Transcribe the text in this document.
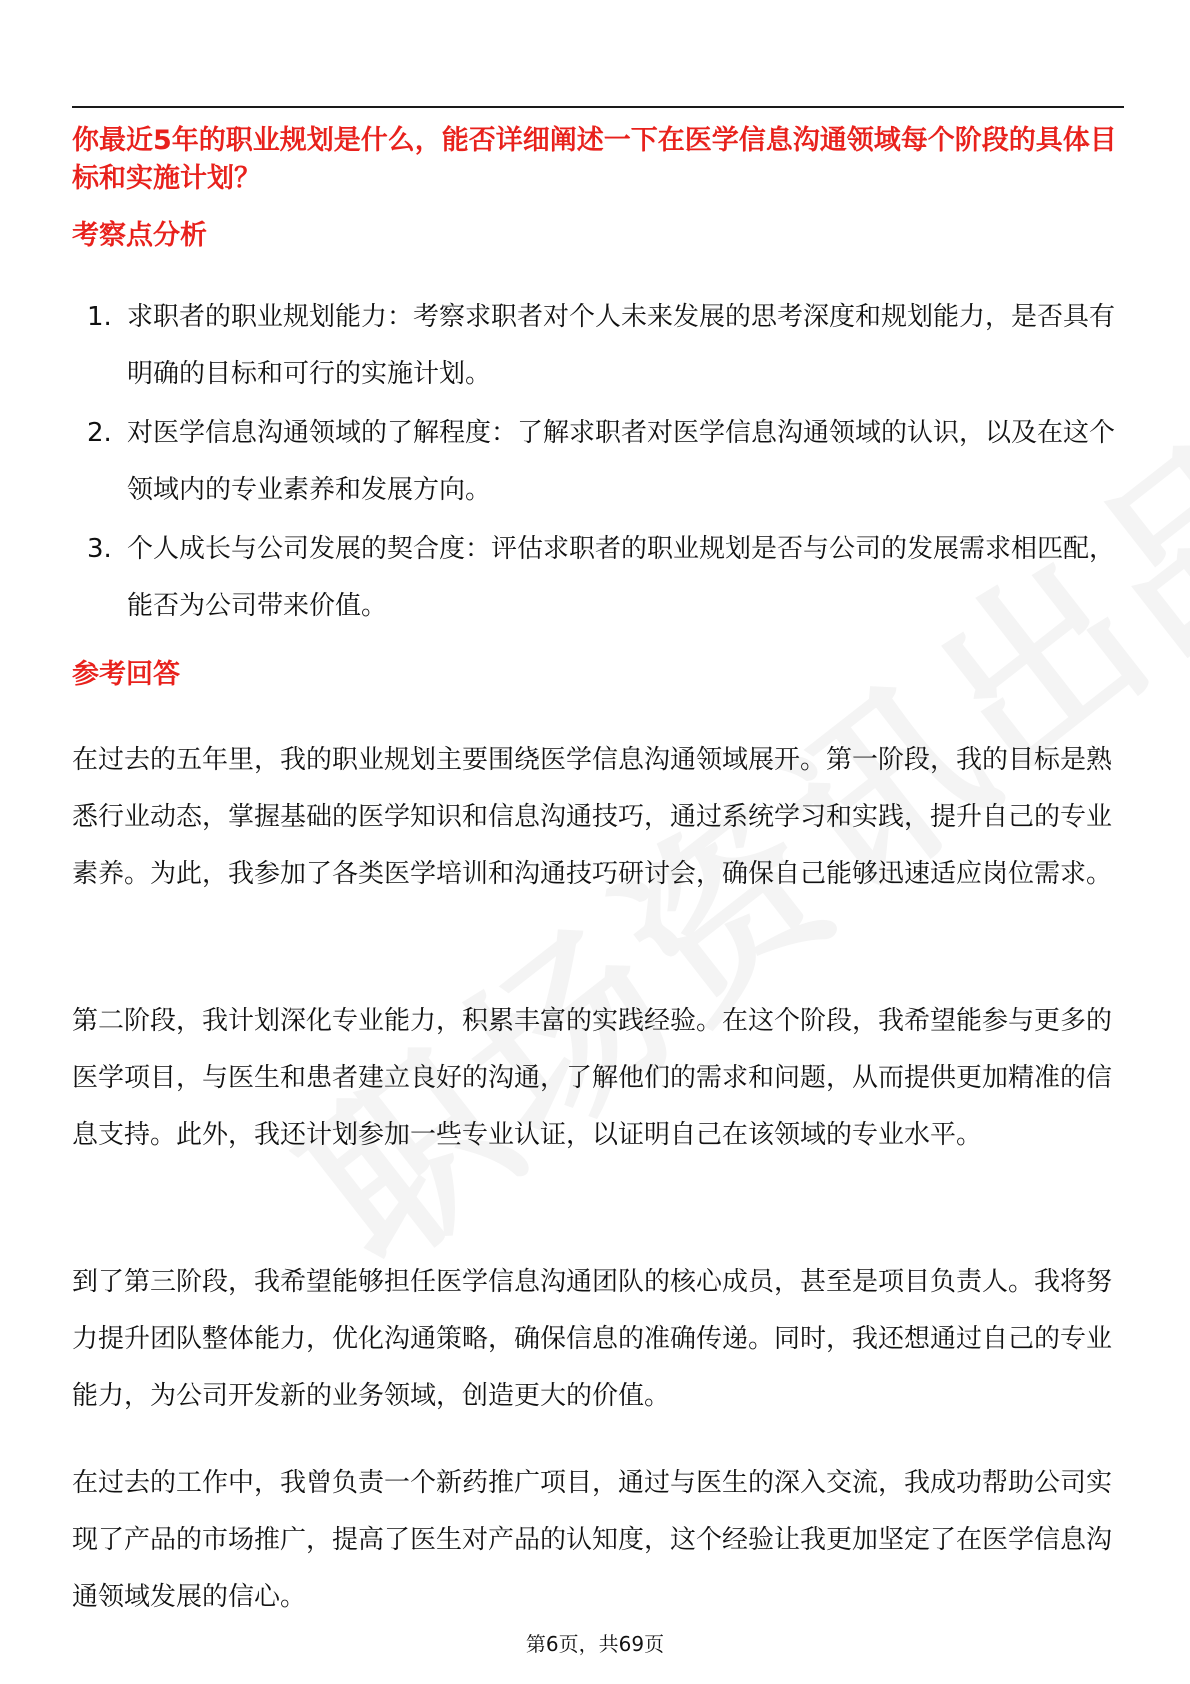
你最近5年的职业规划是什么，能否详细阐述一下在医学信息沟通领域每个阶段的具体目标和实施计划？
考察点分析
1. 求职者的职业规划能力：考察求职者对个人未来发展的思考深度和规划能力，是否具有明确的目标和可行的实施计划。
2. 对医学信息沟通领域的了解程度：了解求职者对医学信息沟通领域的认识，以及在这个领域内的专业素养和发展方向。
3. 个人成长与公司发展的契合度：评估求职者的职业规划是否与公司的发展需求相匹配，能否为公司带来价值。
参考回答

在过去的五年里，我的职业规划主要围绕医学信息沟通领域展开。第一阶段，我的目标是熟悉行业动态，掌握基础的医学知识和信息沟通技巧，通过系统学习和实践，提升自己的专业素养。为此，我参加了各类医学培训和沟通技巧研讨会，确保自己能够迅速适应岗位需求。

第二阶段，我计划深化专业能力，积累丰富的实践经验。在这个阶段，我希望能参与更多的医学项目，与医生和患者建立良好的沟通，了解他们的需求和问题，从而提供更加精准的信息支持。此外，我还计划参加一些专业认证，以证明自己在该领域的专业水平。

到了第三阶段，我希望能够担任医学信息沟通团队的核心成员，甚至是项目负责人。我将努力提升团队整体能力，优化沟通策略，确保信息的准确传递。同时，我还想通过自己的专业能力，为公司开发新的业务领域，创造更大的价值。

在过去的工作中，我曾负责一个新药推广项目，通过与医生的深入交流，我成功帮助公司实现了产品的市场推广，提高了医生对产品的认知度，这个经验让我更加坚定了在医学信息沟通领域发展的信心。

第6页，共69页
